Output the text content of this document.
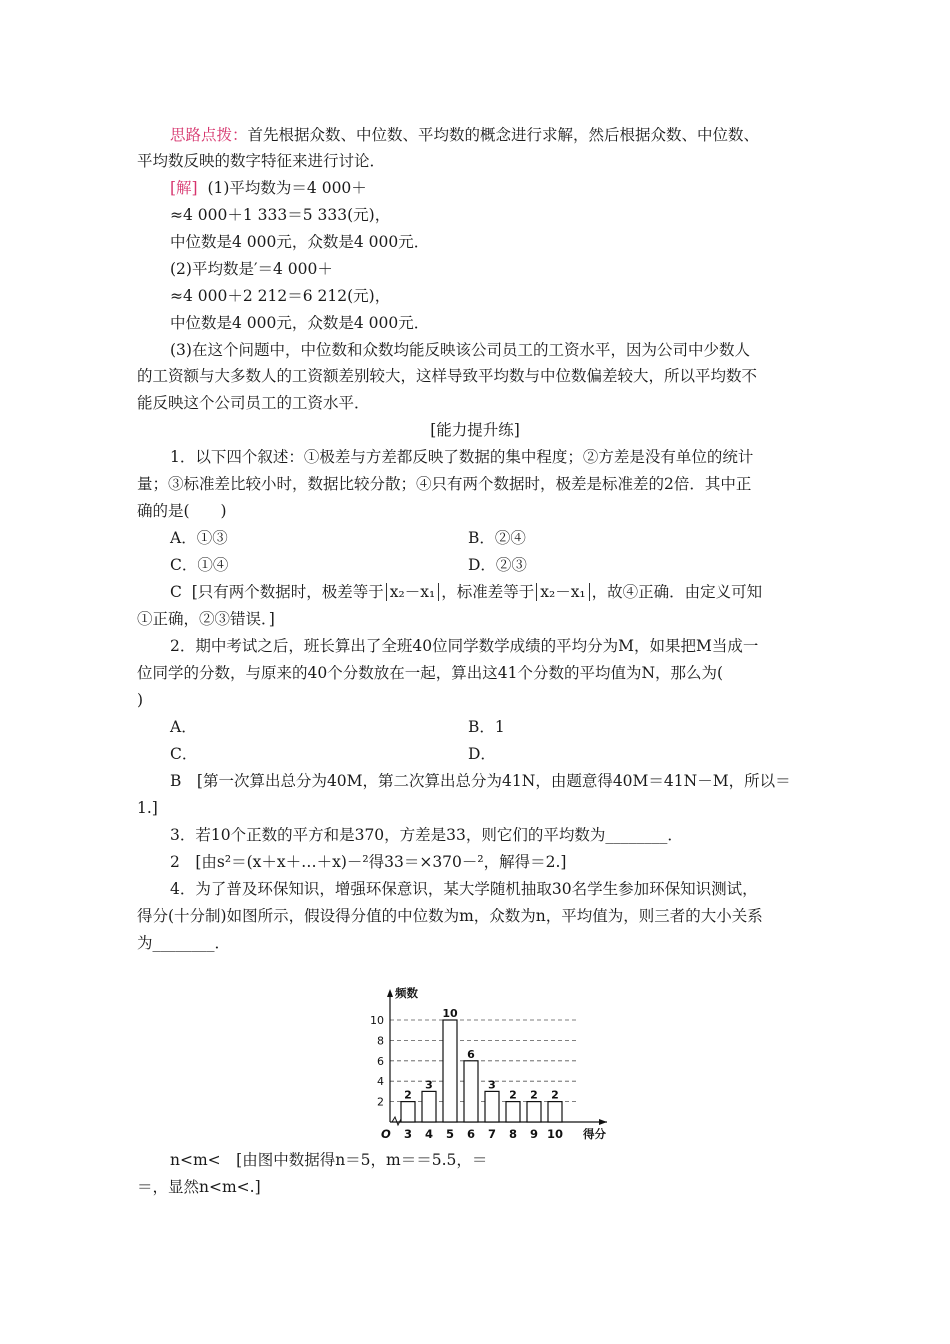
思路点拨：首先根据众数、中位数、平均数的概念进行求解，然后根据众数、中位数、
平均数反映的数字特征来进行讨论．
[解] (1)平均数为＝4 000＋
≈4 000＋1 333＝5 333(元)，
中位数是4 000元，众数是4 000元．
(2)平均数是′＝4 000＋
≈4 000＋2 212＝6 212(元)，
中位数是4 000元，众数是4 000元．
(3)在这个问题中，中位数和众数均能反映该公司员工的工资水平，因为公司中少数人
的工资额与大多数人的工资额差别较大，这样导致平均数与中位数偏差较大，所以平均数不
能反映这个公司员工的工资水平．
[能力提升练]
1．以下四个叙述：①极差与方差都反映了数据的集中程度；②方差是没有单位的统计
量；③标准差比较小时，数据比较分散；④只有两个数据时，极差是标准差的2倍．其中正
确的是(　　)
A．①③	B．②④
C．①④	D．②③
C [只有两个数据时，极差等于 x₂－x₁ ，标准差等于 x₂－x₁ ，故④正确．由定义可知
①正确，②③错误．]
2．期中考试之后，班长算出了全班40位同学数学成绩的平均分为M，如果把M当成一
位同学的分数，与原来的40个分数放在一起，算出这41个分数的平均值为N，那么为(
)
A．	B．1
C．	D．
B　[第一次算出总分为40M，第二次算出总分为41N，由题意得40M＝41N－M，所以＝
1.]
3．若10个正数的平方和是370，方差是33，则它们的平均数为________．
2　[由s²＝(x＋x＋…＋x)－²得33＝×370－²，解得＝2.]
4．为了普及环保知识，增强环保意识，某大学随机抽取30名学生参加环保知识测试，
得分(十分制)如图所示，假设得分值的中位数为m，众数为n，平均值为，则三者的大小关系
为________．
2
4
6
8
10
频数
得分
O
2
3
3
4
10
5
6
6
3
7
2
8
2
9
2
10
n<m<　[由图中数据得n＝5，m＝＝5.5，＝
＝，显然n<m<.]
